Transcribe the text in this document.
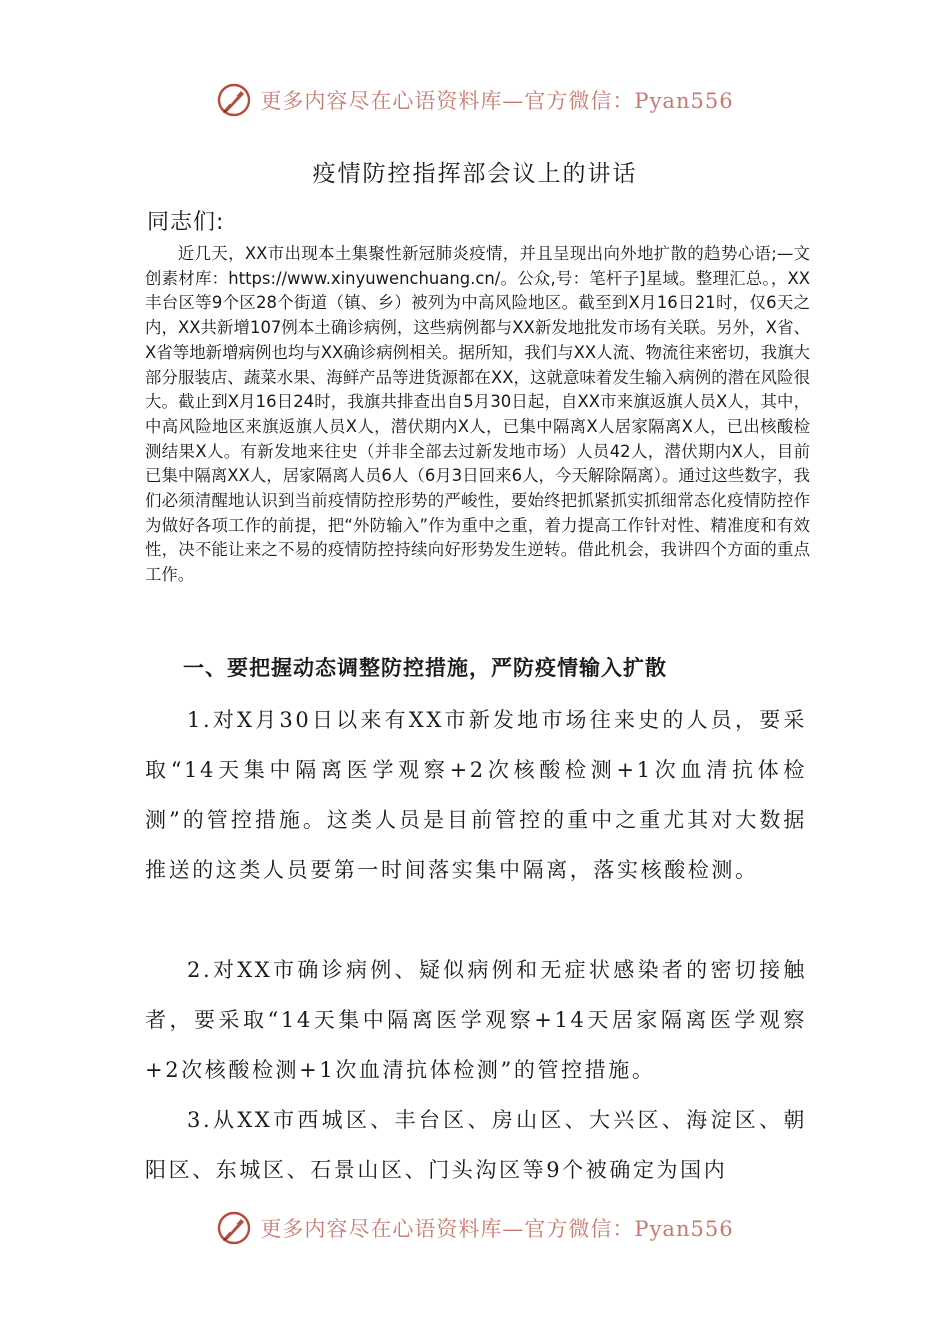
更多内容尽在心语资料库—官方微信：Pyan556
疫情防控指挥部会议上的讲话
同志们:

近几天，XX市出现本土集聚性新冠肺炎疫情，并且呈现出向外地扩散的趋势心语;—文创素材库：https://www.xinyuwenchuang.cn/。公众,号：笔杆子]星域。整理汇总。，XX丰台区等9个区28个街道（镇、乡）被列为中高风险地区。截至到X月16日21时，仅6天之内，XX共新增107例本土确诊病例，这些病例都与XX新发地批发市场有关联。另外，X省、X省等地新增病例也均与XX确诊病例相关。据所知，我们与XX人流、物流往来密切，我旗大部分服装店、蔬菜水果、海鲜产品等进货源都在XX，这就意味着发生输入病例的潜在风险很大。截止到X月16日24时，我旗共排查出自5月30日起，自XX市来旗返旗人员X人，其中，中高风险地区来旗返旗人员X人，潜伏期内X人，已集中隔离X人居家隔离X人，已出核酸检测结果X人。有新发地来往史（并非全部去过新发地市场）人员42人，潜伏期内X人，目前已集中隔离XX人，居家隔离人员6人（6月3日回来6人，今天解除隔离）。通过这些数字，我们必须清醒地认识到当前疫情防控形势的严峻性，要始终把抓紧抓实抓细常态化疫情防控作为做好各项工作的前提，把“外防输入”作为重中之重，着力提高工作针对性、精准度和有效性，决不能让来之不易的疫情防控持续向好形势发生逆转。借此机会，我讲四个方面的重点工作。

一、要把握动态调整防控措施，严防疫情输入扩散

1.对X月30日以来有XX市新发地市场往来史的人员，要采取“14天集中隔离医学观察+2次核酸检测+1次血清抗体检测”的管控措施。这类人员是目前管控的重中之重尤其对大数据推送的这类人员要第一时间落实集中隔离，落实核酸检测。

2.对XX市确诊病例、疑似病例和无症状感染者的密切接触者，要采取“14天集中隔离医学观察+14天居家隔离医学观察+2次核酸检测+1次血清抗体检测”的管控措施。

3.从XX市西城区、丰台区、房山区、大兴区、海淀区、朝阳区、东城区、石景山区、门头沟区等9个被确定为国内

更多内容尽在心语资料库—官方微信：Pyan556
